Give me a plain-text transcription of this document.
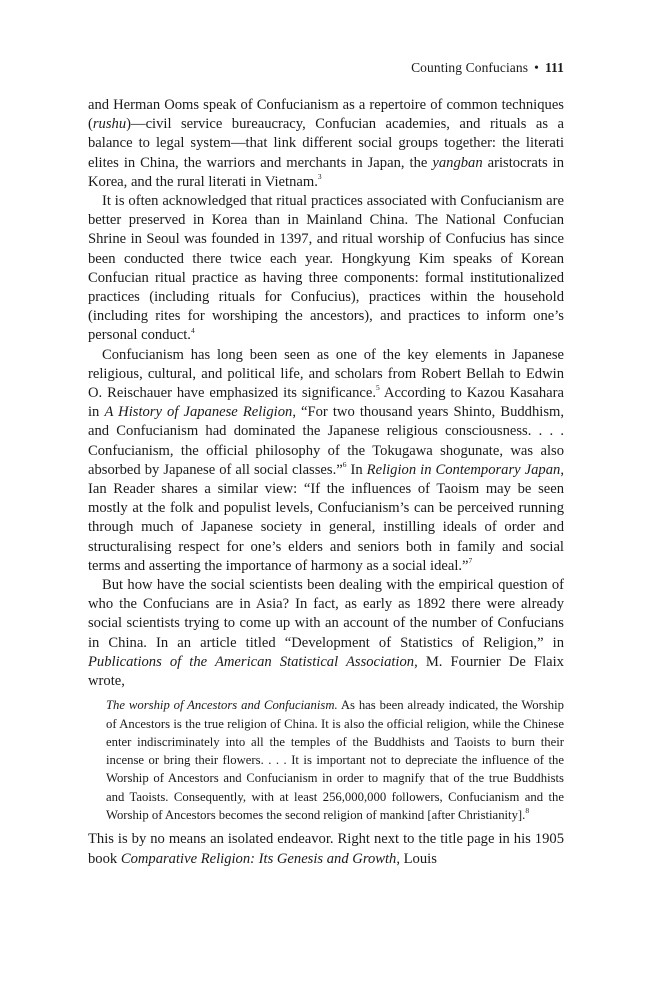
Counting Confucians • 111

and Herman Ooms speak of Confucianism as a repertoire of common techniques (rushu)—civil service bureaucracy, Confucian academies, and rituals as a balance to legal system—that link different social groups together: the literati elites in China, the warriors and merchants in Japan, the yangban aristocrats in Korea, and the rural literati in Vietnam.$^3$

It is often acknowledged that ritual practices associated with Confucianism are better preserved in Korea than in Mainland China. The National Confucian Shrine in Seoul was founded in 1397, and ritual worship of Confucius has since been conducted there twice each year. Hongkyung Kim speaks of Korean Confucian ritual practice as having three components: formal institutionalized practices (including rituals for Confucius), practices within the household (including rites for worshiping the ancestors), and practices to inform one’s personal conduct.$^4$

Confucianism has long been seen as one of the key elements in Japanese religious, cultural, and political life, and scholars from Robert Bellah to Edwin O. Reischauer have emphasized its significance.$^5$ According to Kazou Kasahara in A History of Japanese Religion, “For two thousand years Shinto, Buddhism, and Confucianism had dominated the Japanese religious consciousness. . . . Confucianism, the official philosophy of the Tokugawa shogunate, was also absorbed by Japanese of all social classes.”$^6$ In Religion in Contemporary Japan, Ian Reader shares a similar view: “If the influences of Taoism may be seen mostly at the folk and populist levels, Confucianism’s can be perceived running through much of Japanese society in general, instilling ideals of order and structuralising respect for one’s elders and seniors both in family and social terms and asserting the importance of harmony as a social ideal.”$^7$

But how have the social scientists been dealing with the empirical question of who the Confucians are in Asia? In fact, as early as 1892 there were already social scientists trying to come up with an account of the number of Confucians in China. In an article titled “Development of Statistics of Religion,” in Publications of the American Statistical Association, M. Fournier De Flaix wrote,

The worship of Ancestors and Confucianism. As has been already indicated, the Worship of Ancestors is the true religion of China. It is also the official religion, while the Chinese enter indiscriminately into all the temples of the Buddhists and Taoists to burn their incense or bring their flowers. . . . It is important not to depreciate the influence of the Worship of Ancestors and Confucianism in order to magnify that of the true Buddhists and Taoists. Consequently, with at least 256,000,000 followers, Confucianism and the Worship of Ancestors becomes the second religion of mankind [after Christianity].$^8$

This is by no means an isolated endeavor. Right next to the title page in his 1905 book Comparative Religion: Its Genesis and Growth, Louis
